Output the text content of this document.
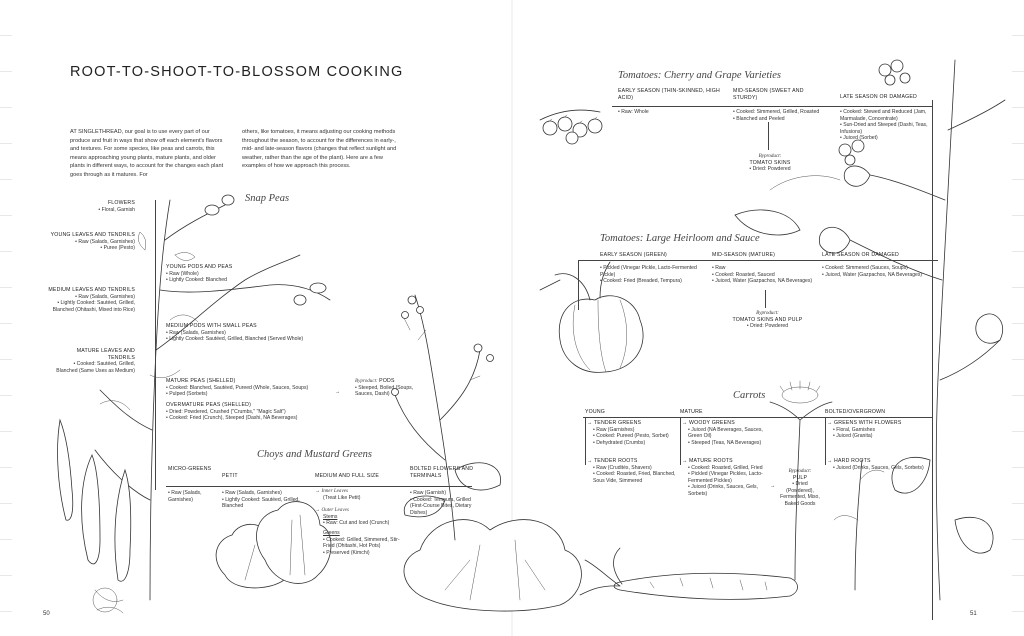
ROOT-TO-SHOOT-TO-BLOSSOM COOKING
AT SINGLETHREAD, our goal is to use every part of our produce and fruit in ways that show off each element's flavors and textures. For some species, like peas and carrots, this means approaching young plants, mature plants, and older plants in different ways, to account for the changes each plant goes through as it matures. For
others, like tomatoes, it means adjusting our cooking methods throughout the season, to account for the differences in early-, mid- and late-season flavors (changes that reflect sunlight and weather, rather than the age of the plant). Here are a few examples of how we approach this process.
Snap Peas
FLOWERS
• Floral, Garnish
YOUNG LEAVES AND TENDRILS
• Raw (Salads, Garnishes)
• Puree (Pesto)
MEDIUM LEAVES AND TENDRILS
• Raw (Salads, Garnishes)
• Lightly Cooked: Sautéed, Grilled, Blanched (Ohitashi, Mixed into Rice)
MATURE LEAVES AND TENDRILS
• Cooked: Sautéed, Grilled, Blanched (Same Uses as Medium)
YOUNG PODS AND PEAS
• Raw (Whole)
• Lightly Cooked: Blanched
MEDIUM PODS WITH SMALL PEAS
• Raw (Salads, Garnishes)
• Lightly Cooked: Sautéed, Grilled, Blanched (Served Whole)
MATURE PEAS (SHELLED)
• Cooked: Blanched, Sautéed, Pureed (Whole, Sauces, Soups)
• Pulped (Sorbets)
OVERMATURE PEAS (SHELLED)
• Dried: Powdered, Crushed ("Crumbs," "Magic Salt")
• Cooked: Fried (Crunch), Steeped (Dashi, NA Beverages)
→
Byproduct: PODS
• Steeped, Boiled (Soups, Sauces, Dashi)
Choys and Mustard Greens
MICRO-GREENS
PETIT	MEDIUM AND FULL SIZE
BOLTED FLOWERS AND TERMINALS
• Raw (Salads, Garnishes)
• Raw (Salads, Garnishes)
• Lightly Cooked: Sautéed, Grilled, Blanched
→ Inner Leaves
(Treat Like Petit)
→ Outer Leaves
Stems
• Raw: Cut and Iced (Crunch)
Greens
• Cooked: Grilled, Simmered, Stir-Fried (Ohitashi, Hot Pots)
• Preserved (Kimchi)
• Raw (Garnish)
• Cooked: Tempura, Grilled (First-Course Bites, Dietary Dishes)
50
Tomatoes: Cherry and Grape Varieties
EARLY SEASON (THIN-SKINNED, HIGH ACID)
MID-SEASON (SWEET AND STURDY)	LATE SEASON OR DAMAGED
• Raw: Whole
•	Cooked: Simmered, Grilled, Roasted
• Blanched and Peeled
• Cooked: Stewed and Reduced (Jam, Marmalade, Concentrate)
• Sun-Dried and Steeped (Dashi, Teas, Infusions)
• Juiced (Sorbet)
Byproduct:
TOMATO SKINS
• Dried: Powdered
Tomatoes: Large Heirloom and Sauce
EARLY SEASON (GREEN)	MID-SEASON (MATURE)	LATE SEASON OR DAMAGED
• Pickled (Vinegar Pickle, Lacto-Fermented Pickle)
• Cooked: Fried (Breaded, Tempura)
• Raw
• Cooked: Roasted, Sauced
• Juiced, Water (Gazpachos, NA Beverages)
• Cooked: Simmered (Sauces, Soups)
• Juiced, Water (Gazpachos, NA Beverages)
Byproduct:
TOMATO SKINS AND PULP
• Dried: Powdered
Carrots
YOUNG	MATURE	BOLTED/OVERGROWN
→ TENDER GREENS
• Raw (Garnishes)
• Cooked: Pureed (Pesto, Sorbet)
• Dehydrated (Crumbs)
→ TENDER ROOTS
• Raw (Crudités, Shavers)
• Cooked: Roasted, Fried, Blanched, Sous Vide, Simmered
→ WOODY GREENS
• Juiced (NA Beverages, Sauces, Green Oil)
• Steeped (Teas, NA Beverages)
→ MATURE ROOTS
• Cooked: Roasted, Grilled, Fried
• Pickled (Vinegar Pickles, Lacto-Fermented Pickles)
• Juiced (Drinks, Sauces, Gels, Sorbets)
→
Byproduct:
PULP
• Dried (Powdered), Fermented, Miso, Baked Goods
→ GREENS WITH FLOWERS
• Floral, Garnishes
• Juiced (Granita)
→ HARD ROOTS
• Juiced (Drinks, Sauces, Gels, Sorbets)
51
